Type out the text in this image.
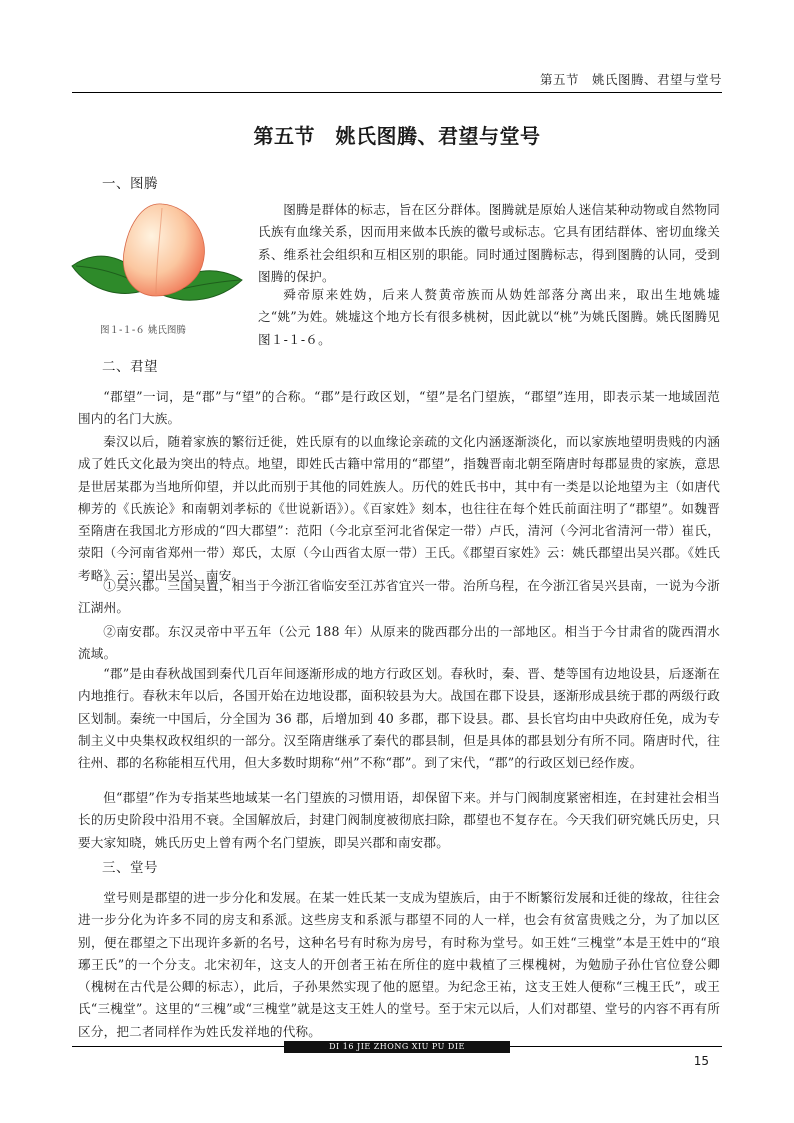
第五节　姚氏图腾、君望与堂号
第五节　姚氏图腾、君望与堂号
一、图腾
图１-１-６ 姚氏图腾

图腾是群体的标志，旨在区分群体。图腾就是原始人迷信某种动物或自然物同氏族有血缘关系，因而用来做本氏族的徽号或标志。它具有团结群体、密切血缘关系、维系社会组织和互相区别的职能。同时通过图腾标志，得到图腾的认同，受到图腾的保护。

舜帝原来姓妫，后来人赘黄帝族而从妫姓部落分离出来，取出生地姚墟之“姚”为姓。姚墟这个地方长有很多桃树，因此就以“桃”为姚氏图腾。姚氏图腾见图１-１-６。

二、君望

“郡望”一词，是“郡”与“望”的合称。“郡”是行政区划，“望”是名门望族，“郡望”连用，即表示某一地域固范围内的名门大族。

秦汉以后，随着家族的繁衍迁徙，姓氏原有的以血缘论亲疏的文化内涵逐渐淡化，而以家族地望明贵贱的内涵成了姓氏文化最为突出的特点。地望，即姓氏古籍中常用的“郡望”，指魏晋南北朝至隋唐时每郡显贵的家族，意思是世居某郡为当地所仰望，并以此而别于其他的同姓族人。历代的姓氏书中，其中有一类是以论地望为主（如唐代柳芳的《氏族论》和南朝刘孝标的《世说新语》）。《百家姓》刻本，也往往在每个姓氏前面注明了“郡望”。如魏晋至隋唐在我国北方形成的“四大郡望”：范阳（今北京至河北省保定一带）卢氏，清河（今河北省清河一带）崔氏，荥阳（今河南省郑州一带）郑氏，太原（今山西省太原一带）王氏。《郡望百家姓》云：姚氏郡望出吴兴郡。《姓氏考略》云：望出吴兴、南安。

①吴兴郡。三国吴置，相当于今浙江省临安至江苏省宜兴一带。治所乌程，在今浙江省吴兴县南，一说为今浙江湖州。

②南安郡。东汉灵帝中平五年（公元 188 年）从原来的陇西郡分出的一部地区。相当于今甘肃省的陇西渭水流域。

“郡”是由春秋战国到秦代几百年间逐渐形成的地方行政区划。春秋时，秦、晋、楚等国有边地设县，后逐渐在内地推行。春秋末年以后，各国开始在边地设郡，面积较县为大。战国在郡下设县，逐渐形成县统于郡的两级行政区划制。秦统一中国后，分全国为 36 郡，后增加到 40 多郡，郡下设县。郡、县长官均由中央政府任免，成为专制主义中央集权政权组织的一部分。汉至隋唐继承了秦代的郡县制，但是具体的郡县划分有所不同。隋唐时代，往往州、郡的名称能相互代用，但大多数时期称“州”不称“郡”。到了宋代，“郡”的行政区划已经作废。

但“郡望”作为专指某些地域某一名门望族的习惯用语，却保留下来。并与门阀制度紧密相连，在封建社会相当长的历史阶段中沿用不衰。全国解放后，封建门阀制度被彻底扫除，郡望也不复存在。今天我们研究姚氏历史，只要大家知晓，姚氏历史上曾有两个名门望族，即吴兴郡和南安郡。

三、堂号

堂号则是郡望的进一步分化和发展。在某一姓氏某一支成为望族后，由于不断繁衍发展和迁徙的缘故，往往会进一步分化为许多不同的房支和系派。这些房支和系派与郡望不同的人一样，也会有贫富贵贱之分，为了加以区别，便在郡望之下出现许多新的名号，这种名号有时称为房号，有时称为堂号。如王姓“三槐堂”本是王姓中的“琅琊王氏”的一个分支。北宋初年，这支人的开创者王祐在所住的庭中栽植了三棵槐树，为勉励子孙仕官位登公卿（槐树在古代是公卿的标志），此后，子孙果然实现了他的愿望。为纪念王祐，这支王姓人便称“三槐王氏”，或王氏“三槐堂”。这里的“三槐”或“三槐堂”就是这支王姓人的堂号。至于宋元以后，人们对郡望、堂号的内容不再有所区分，把二者同样作为姓氏发祥地的代称。

DI 16 JIE ZHONG XIU PU DIE
15
